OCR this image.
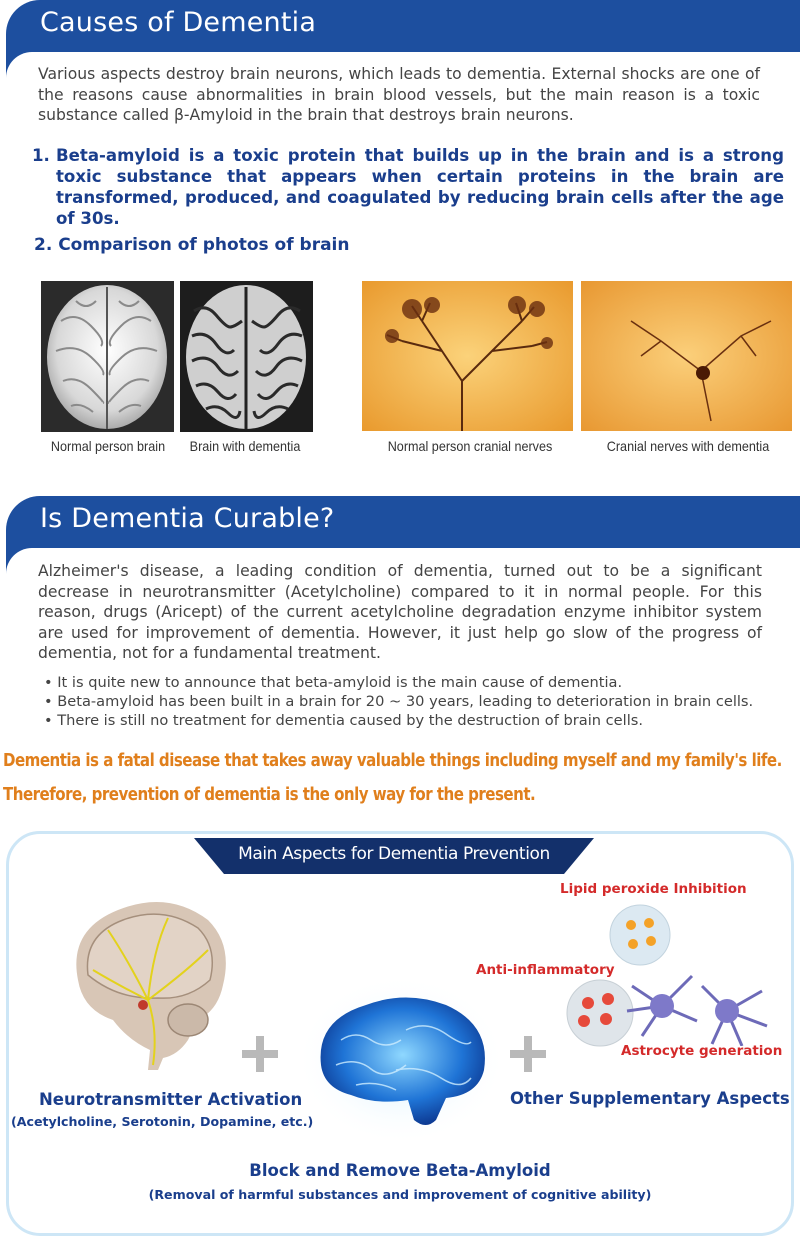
Causes of Dementia
Various aspects destroy brain neurons, which leads to dementia. External shocks are one of the reasons cause abnormalities in brain blood vessels, but the main reason is a toxic substance called β-Amyloid in the brain that destroys brain neurons.
1. Beta-amyloid is a toxic protein that builds up in the brain and is a strong toxic substance that appears when certain proteins in the brain are transformed, produced, and coagulated by reducing brain cells after the age of 30s.
2. Comparison of photos of brain
Normal person brain	Brain with dementia	Normal person cranial nerves	Cranial nerves with dementia
Is Dementia Curable?
Alzheimer's disease, a leading condition of dementia, turned out to be a significant decrease in neurotransmitter (Acetylcholine) compared to it in normal people. For this reason, drugs (Aricept) of the current acetylcholine degradation enzyme inhibitor system are used for improvement of dementia. However, it just help go slow of the progress of dementia, not for a fundamental treatment.
• It is quite new to announce that beta-amyloid is the main cause of dementia.
• Beta-amyloid has been built in a brain for 20 ~ 30 years, leading to deterioration in brain cells.
• There is still no treatment for dementia caused by the destruction of brain cells.
Dementia is a fatal disease that takes away valuable things including myself and my family's life.
Therefore, prevention of dementia is the only way for the present.
Main Aspects for Dementia Prevention
Lipid peroxide Inhibition
Anti-inflammatory
Astrocyte generation
Neurotransmitter Activation
(Acetylcholine, Serotonin, Dopamine, etc.)
Other Supplementary Aspects
Block and Remove Beta-Amyloid
(Removal of harmful substances and improvement of cognitive ability)
